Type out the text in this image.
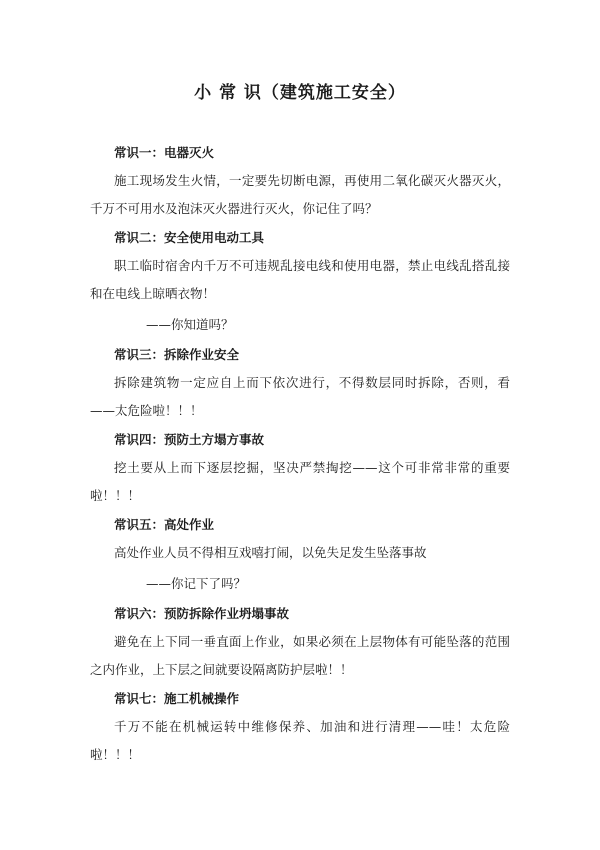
小 常 识（建筑施工安全）
常识一：电器灭火

施工现场发生火情，一定要先切断电源，再使用二氧化碳灭火器灭火，千万不可用水及泡沫灭火器进行灭火，你记住了吗？

常识二：安全使用电动工具

职工临时宿舍内千万不可违规乱接电线和使用电器，禁止电线乱搭乱接和在电线上晾晒衣物！

——你知道吗？
常识三：拆除作业安全

拆除建筑物一定应自上而下依次进行，不得数层同时拆除，否则，看——太危险啦！！！

常识四：预防土方塌方事故

挖土要从上而下逐层挖掘，坚决严禁掏挖——这个可非常非常的重要啦！！！

常识五：高处作业

高处作业人员不得相互戏嘻打闹，以免失足发生坠落事故

——你记下了吗？
常识六：预防拆除作业坍塌事故

避免在上下同一垂直面上作业，如果必须在上层物体有可能坠落的范围之内作业，上下层之间就要设隔离防护层啦！！

常识七：施工机械操作

千万不能在机械运转中维修保养、加油和进行清理——哇！太危险啦！！！
